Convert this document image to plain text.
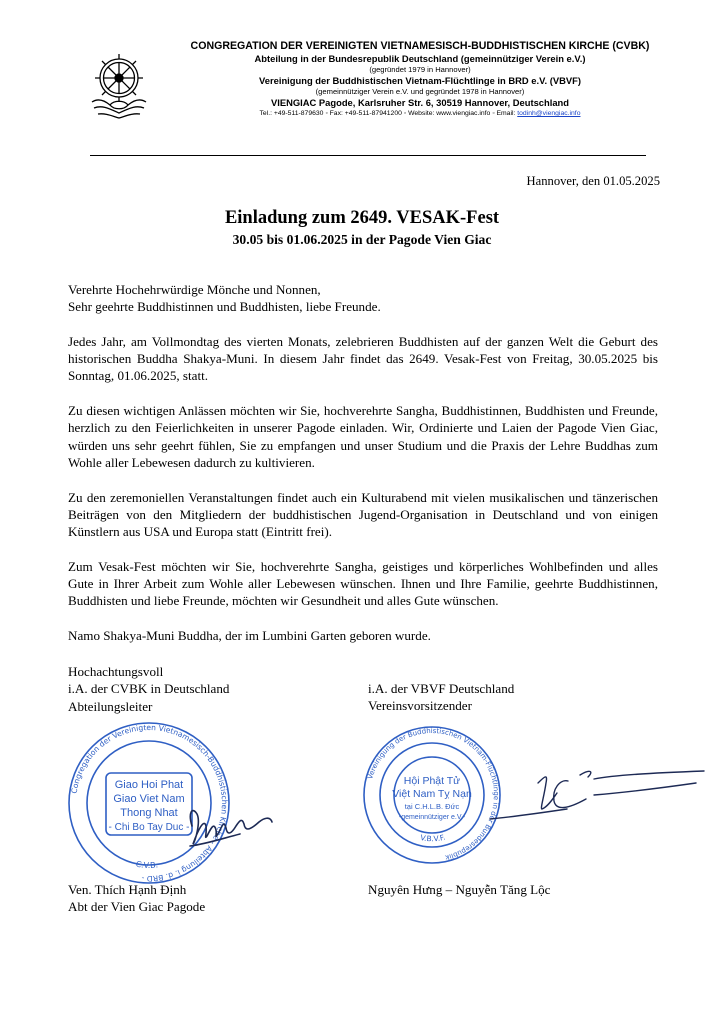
CONGREGATION DER VEREINIGTEN VIETNAMESISCH-BUDDHISTISCHEN KIRCHE (CVBK)
Abteilung in der Bundesrepublik Deutschland (gemeinnütziger Verein e.V.)
(gegründet 1979 in Hannover)
Vereinigung der Buddhistischen Vietnam-Flüchtlinge in BRD e.V. (VBVF)
(gemeinnütziger Verein e.V. und gegründet 1978 in Hannover)
VIENGIAC Pagode, Karlsruher Str. 6, 30519 Hannover, Deutschland
Tel.: +49-511-879630 ◦ Fax: +49-511-87941200 ◦ Website: www.viengiac.info ◦ Email: todinh@viengiac.info
Hannover, den 01.05.2025
Einladung zum 2649. VESAK-Fest
30.05 bis 01.06.2025 in der Pagode Vien Giac

Verehrte Hochehrwürdige Mönche und Nonnen,
Sehr geehrte Buddhistinnen und Buddhisten, liebe Freunde.

Jedes Jahr, am Vollmondtag des vierten Monats, zelebrieren Buddhisten auf der ganzen Welt die Geburt des historischen Buddha Shakya-Muni. In diesem Jahr findet das 2649. Vesak-Fest von Freitag, 30.05.2025 bis Sonntag, 01.06.2025, statt.

Zu diesen wichtigen Anlässen möchten wir Sie, hochverehrte Sangha, Buddhistinnen, Buddhisten und Freunde, herzlich zu den Feierlichkeiten in unserer Pagode einladen. Wir, Ordinierte und Laien der Pagode Vien Giac, würden uns sehr geehrt fühlen, Sie zu empfangen und unser Studium und die Praxis der Lehre Buddhas zum Wohle aller Lebewesen dadurch zu kultivieren.

Zu den zeremoniellen Veranstaltungen findet auch ein Kulturabend mit vielen musikalischen und tänzerischen Beiträgen von den Mitgliedern der buddhistischen Jugend-Organisation in Deutschland und von einigen Künstlern aus USA und Europa statt (Eintritt frei).

Zum Vesak-Fest möchten wir Sie, hochverehrte Sangha, geistiges und körperliches Wohlbefinden und alles Gute in Ihrer Arbeit zum Wohle aller Lebewesen wünschen. Ihnen und Ihre Familie, geehrte Buddhistinnen, Buddhisten und liebe Freunde, möchten wir Gesundheit und alles Gute wünschen.

Namo Shakya-Muni Buddha, der im Lumbini Garten geboren wurde.

Hochachtungsvoll
i.A. der CVBK in Deutschland
Abteilungsleiter
i.A. der VBVF Deutschland
Vereinsvorsitzender
Congregation der Vereinigten Vietnamesisch-Buddhistischen Kirche - Abteilung i. d. BRD -
C.V.B.
Giao Hoi Phat
Giao Viet Nam
Thong Nhat
- Chi Bo Tay Duc -
Vereinigung der Buddhistischen Vietnam-Flüchtlinge in der Bundesrepublik
V.B.V.F.
Hội Phật Tử
Việt Nam Tỵ Nạn
tại C.H.L.B. Đức
-gemeinnütziger e.V.-
Ven. Thích Hạnh Định
Abt der Vien Giac Pagode
Nguyên Hưng – Nguyễn Tăng Lộc
